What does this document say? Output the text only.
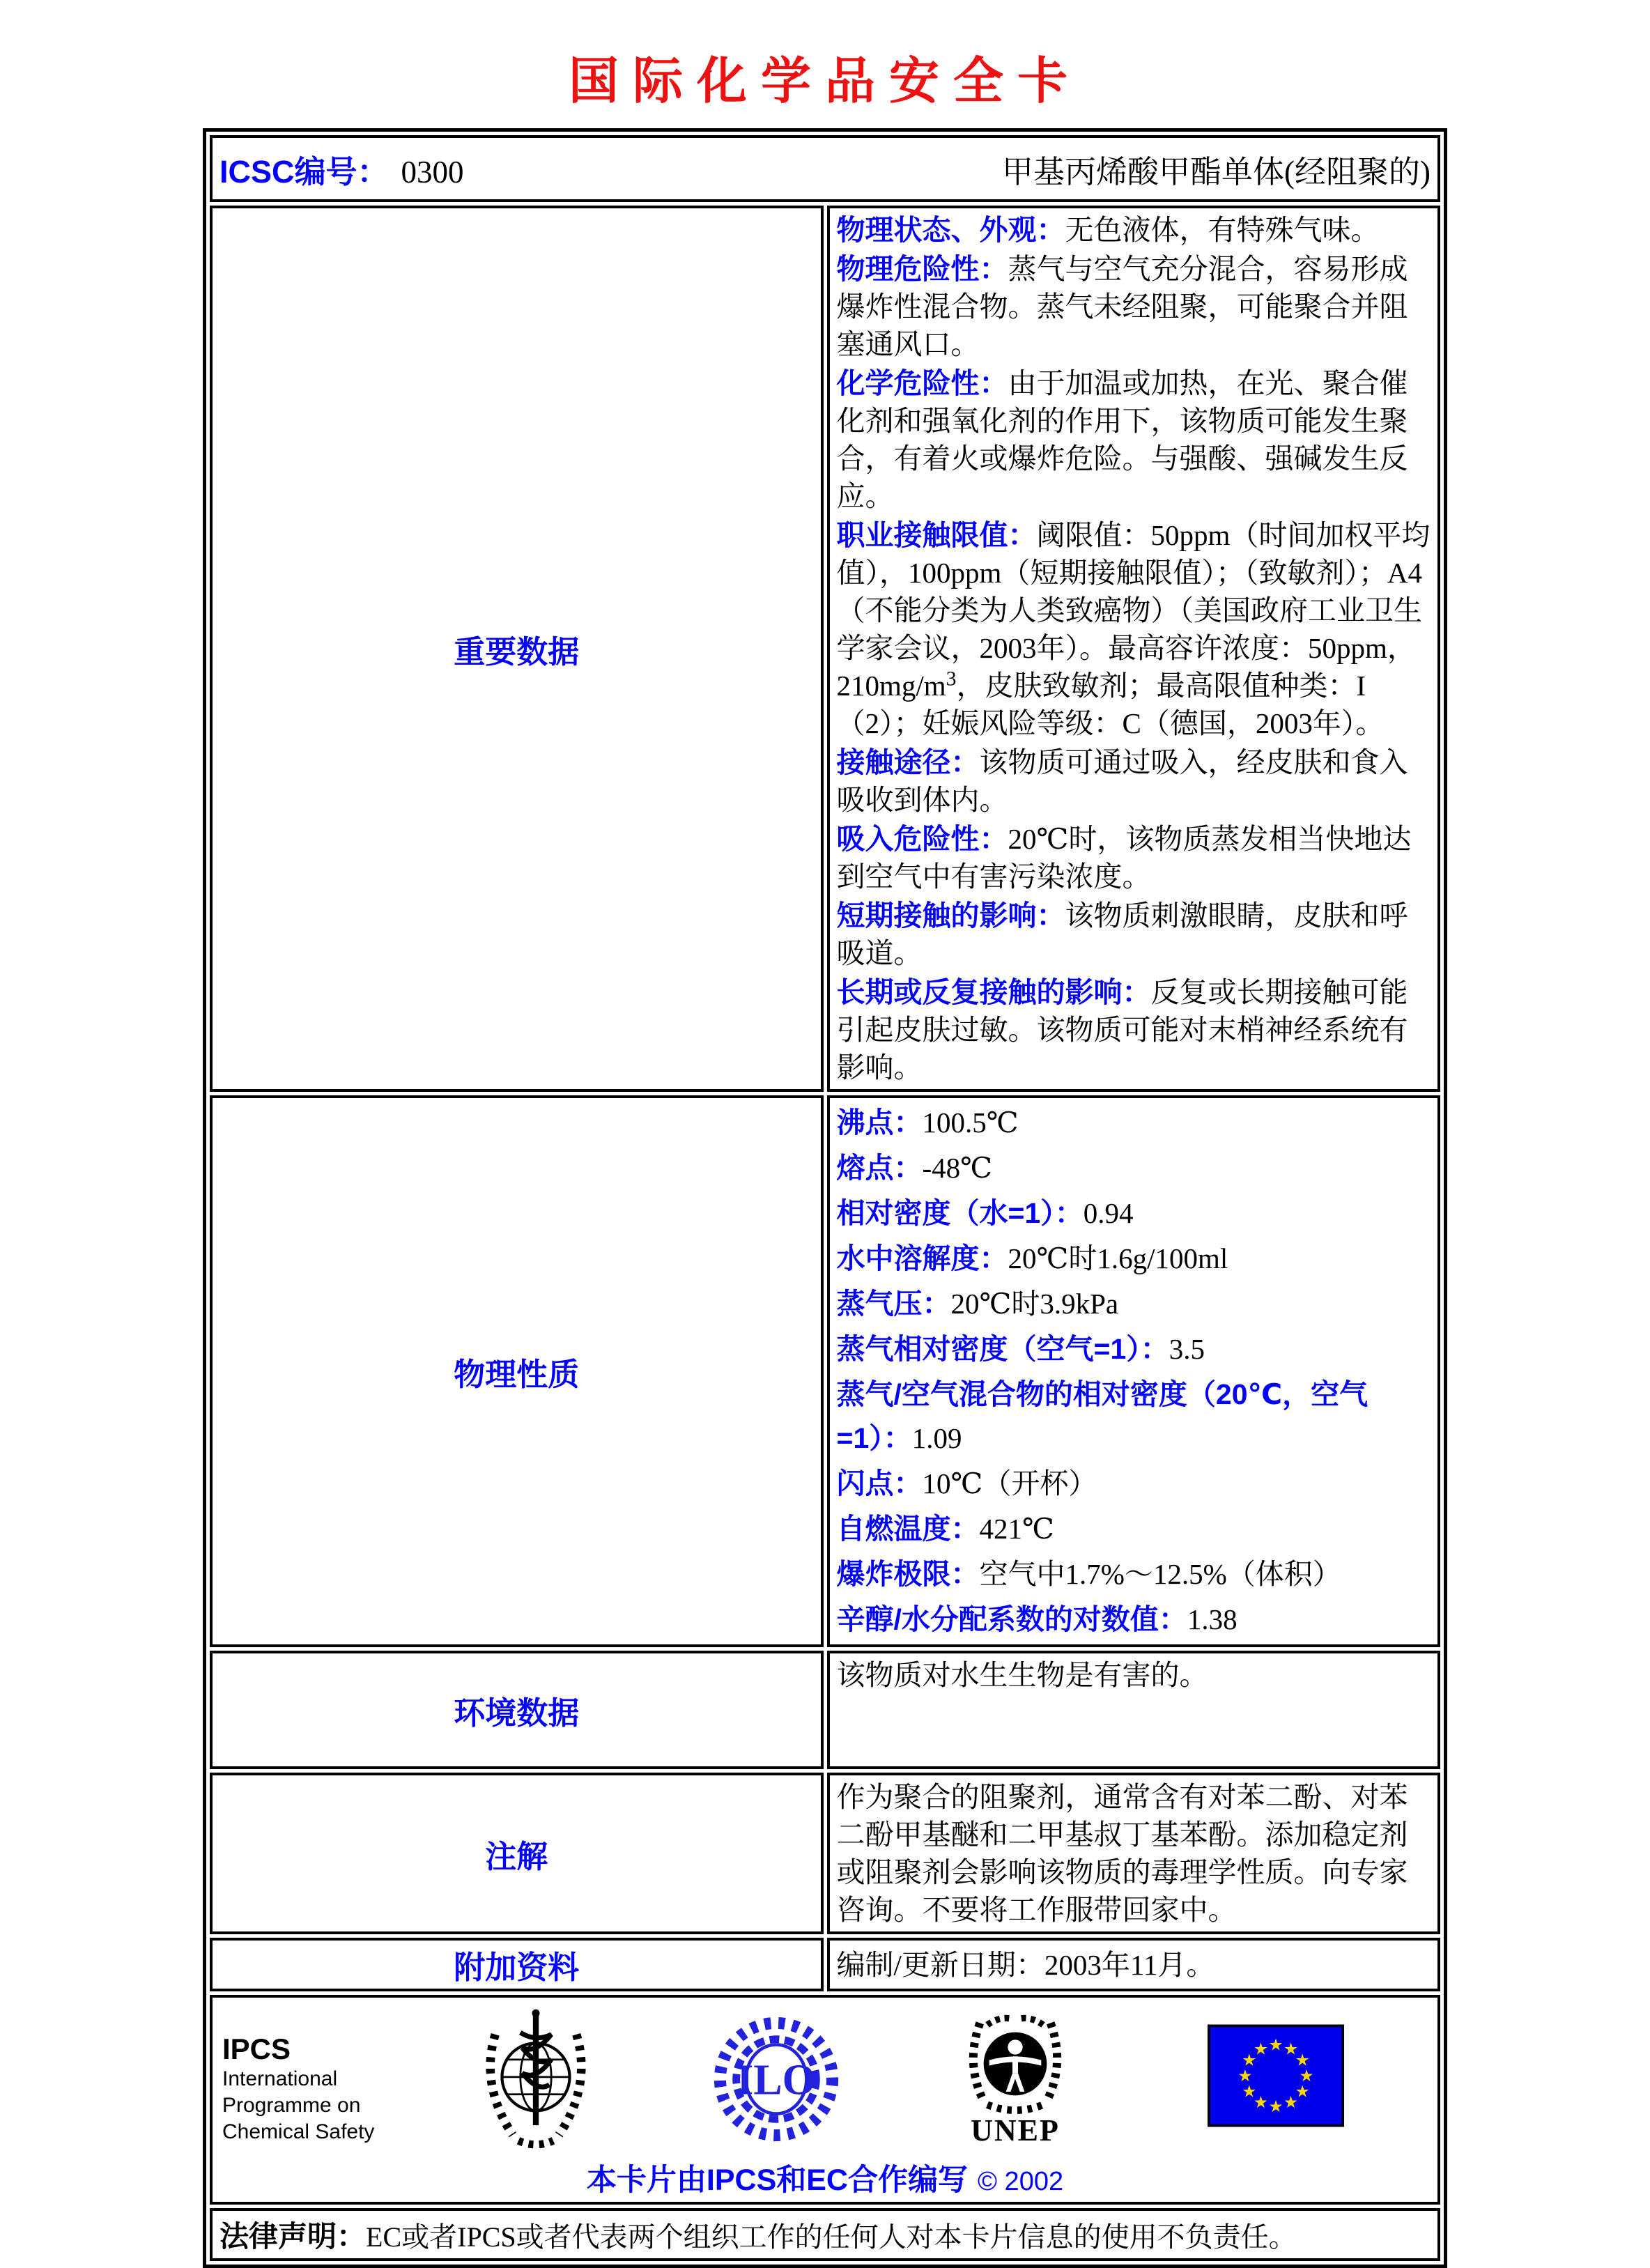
国际化学品安全卡
ICSC编号： 0300 甲基丙烯酸甲酯单体(经阻聚的)	

重要数据	
物理状态、外观：无色液体，有特殊气味。
物理危险性：蒸气与空气充分混合，容易形成爆炸性混合物。蒸气未经阻聚，可能聚合并阻塞通风口。
化学危险性：由于加温或加热，在光、聚合催化剂和强氧化剂的作用下，该物质可能发生聚合，有着火或爆炸危险。与强酸、强碱发生反应。
职业接触限值：阈限值：50ppm（时间加权平均值），100ppm（短期接触限值）；（致敏剂）；A4（不能分类为人类致癌物）（美国政府工业卫生学家会议，2003年）。最高容许浓度：50ppm，$210mg/m^3$，皮肤致敏剂；最高限值种类：I（2）；妊娠风险等级：C（德国，2003年）。
接触途径：该物质可通过吸入，经皮肤和食入吸收到体内。
吸入危险性：20℃时，该物质蒸发相当快地达到空气中有害污染浓度。
短期接触的影响：该物质刺激眼睛，皮肤和呼吸道。
长期或反复接触的影响：反复或长期接触可能引起皮肤过敏。该物质可能对末梢神经系统有影响。

物理性质	
沸点：100.5℃
熔点：-48℃
相对密度（水=1）：0.94
水中溶解度：20℃时1.6g/100ml
蒸气压：20℃时3.9kPa
蒸气相对密度（空气=1）：3.5
蒸气/空气混合物的相对密度（20℃，空气=1）：1.09
闪点：10℃（开杯）
自燃温度：421℃
爆炸极限：空气中1.7%～12.5%（体积）
辛醇/水分配系数的对数值：1.38

环境数据	该物质对水生生物是有害的。

注解	作为聚合的阻聚剂，通常含有对苯二酚、对苯二酚甲基醚和二甲基叔丁基苯酚。添加稳定剂或阻聚剂会影响该物质的毒理学性质。向专家咨询。不要将工作服带回家中。

附加资料	编制/更新日期：2003年11月。

IPCS
International
Programme on
Chemical Safety
ILO
UNEP
★ ★
★
★
★
★
★
★
★
★
★
★
本卡片由IPCS和EC合作编写 © 2002

法律声明：EC或者IPCS或者代表两个组织工作的任何人对本卡片信息的使用不负责任。	
